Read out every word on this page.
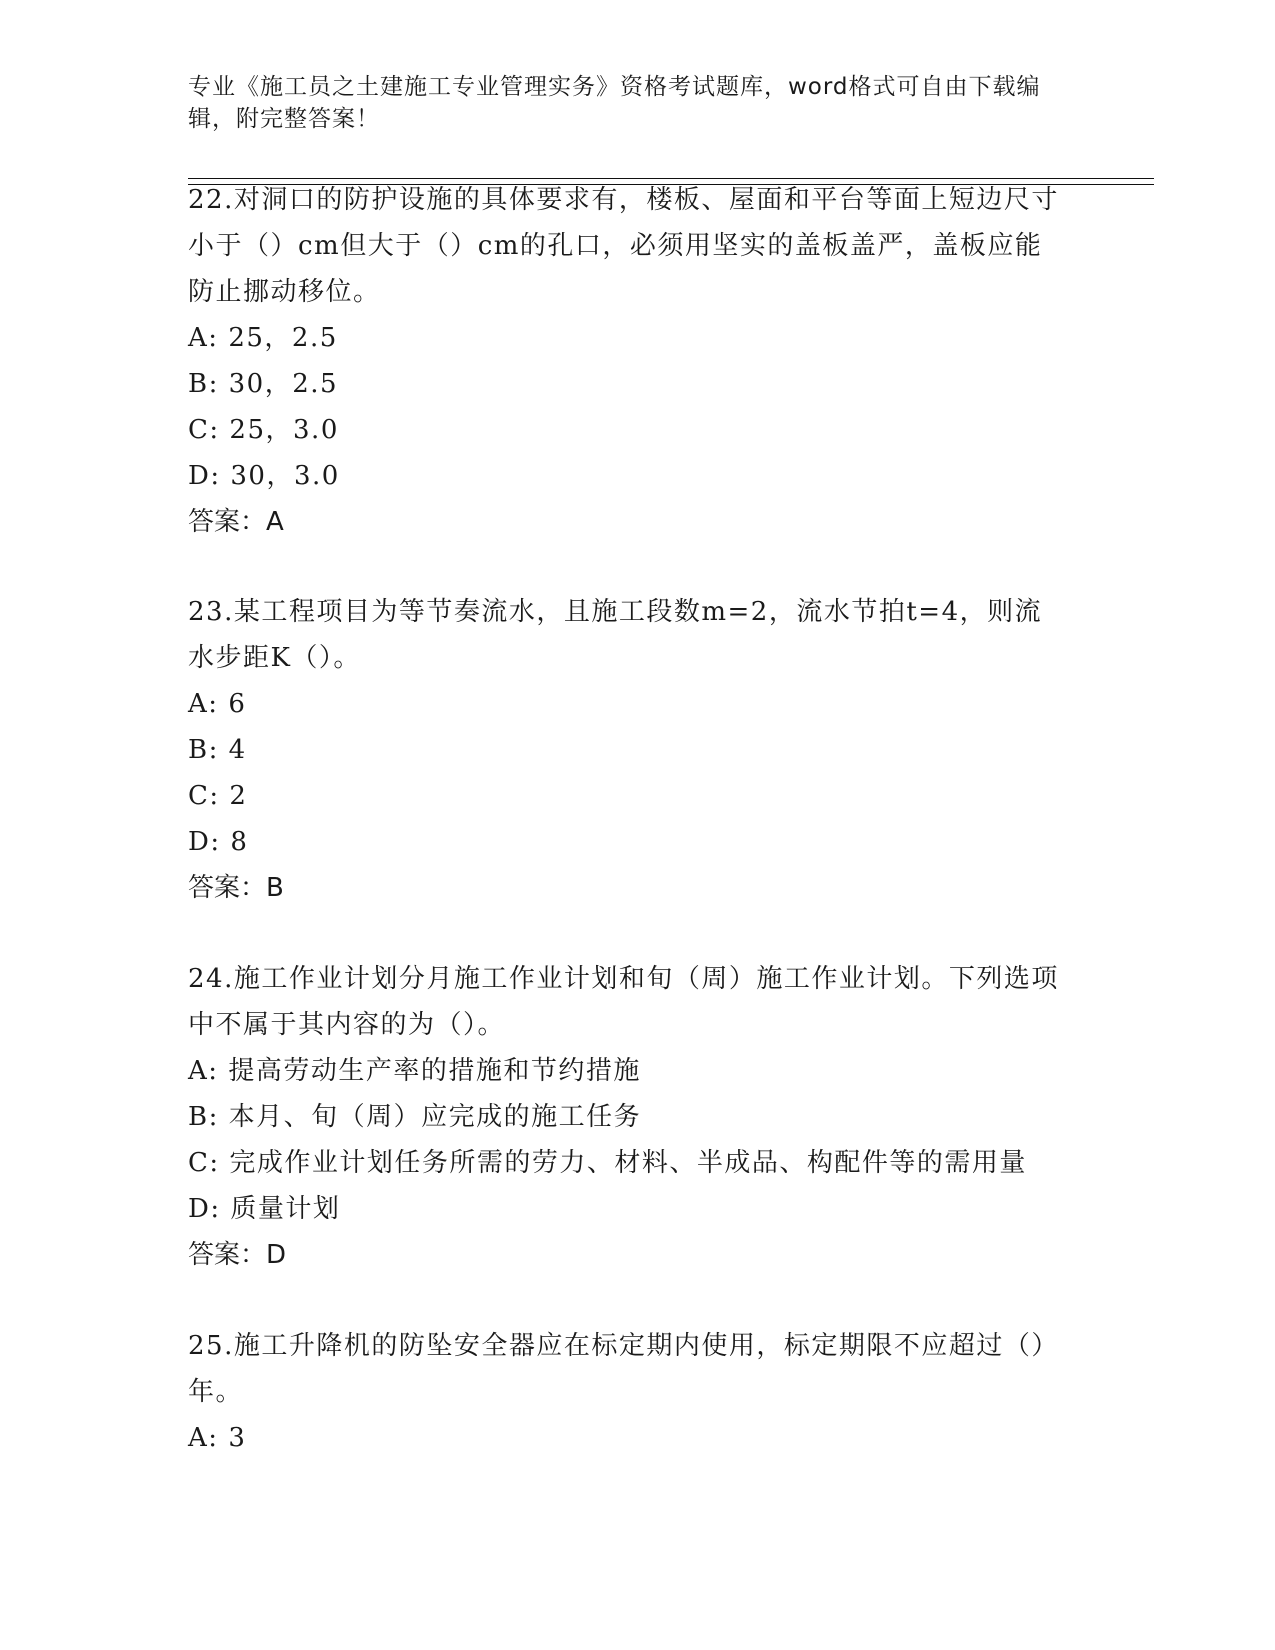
专业《施工员之土建施工专业管理实务》资格考试题库，word格式可自由下载编辑，附完整答案！

22.对洞口的防护设施的具体要求有，楼板、屋面和平台等面上短边尺寸小于（）cm但大于（）cm的孔口，必须用坚实的盖板盖严，盖板应能防止挪动移位。

A: 25，2.5

B: 30，2.5

C: 25，3.0

D: 30，3.0

答案：A

23.某工程项目为等节奏流水，且施工段数m=2，流水节拍t=4，则流水步距K（）。

A: 6

B: 4

C: 2

D: 8

答案：B

24.施工作业计划分月施工作业计划和旬（周）施工作业计划。下列选项中不属于其内容的为（）。

A: 提高劳动生产率的措施和节约措施

B: 本月、旬（周）应完成的施工任务

C: 完成作业计划任务所需的劳力、材料、半成品、构配件等的需用量

D: 质量计划

答案：D

25.施工升降机的防坠安全器应在标定期内使用，标定期限不应超过（）年。

A: 3
